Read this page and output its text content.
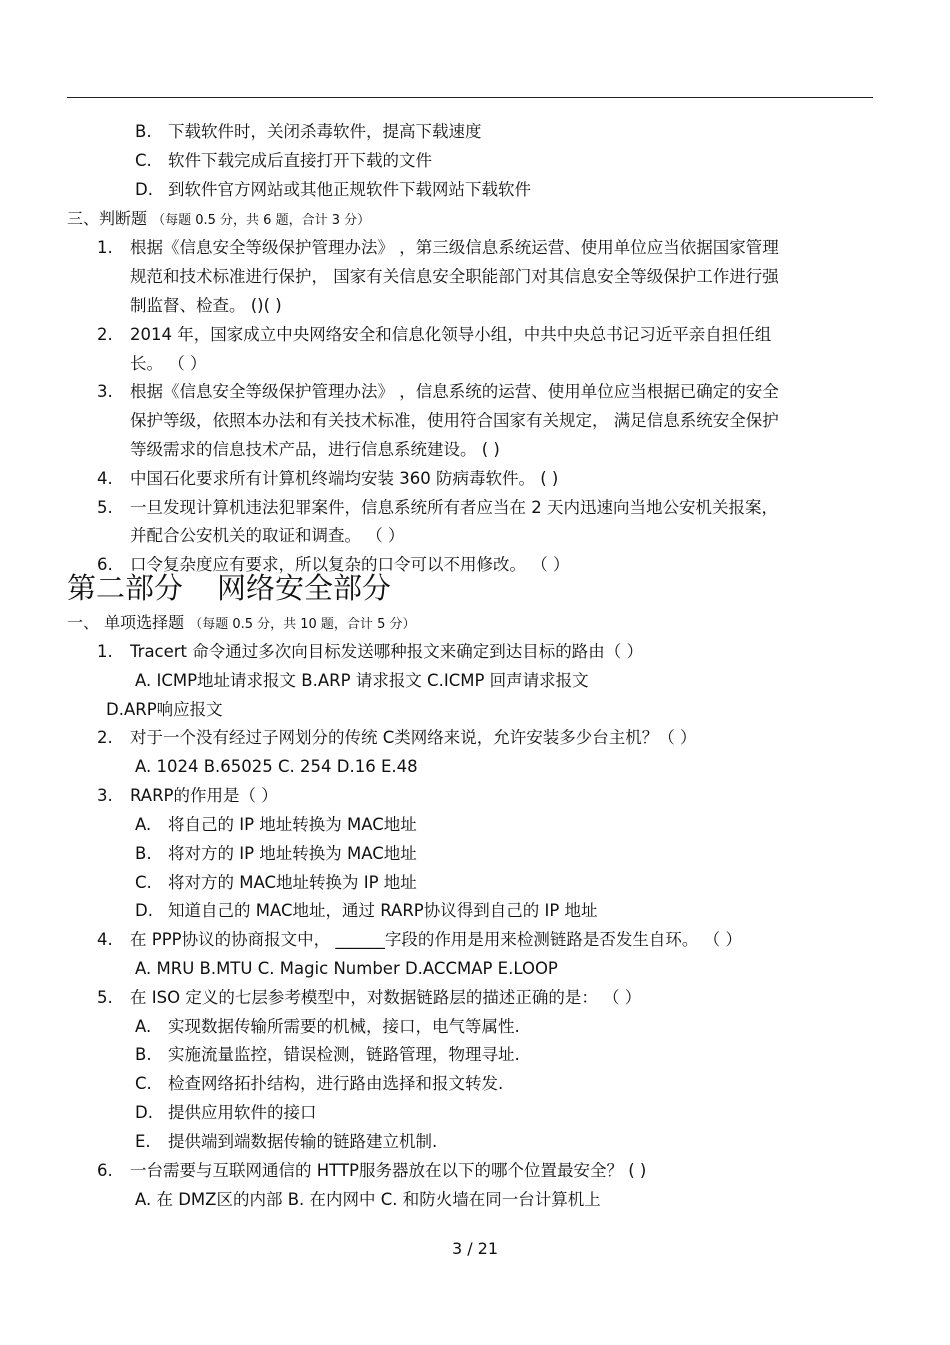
B. 下载软件时，关闭杀毒软件，提高下载速度
C. 软件下载完成后直接打开下载的文件
D. 到软件官方网站或其他正规软件下载网站下载软件
三、判断题 （每题 0.5 分，共 6 题，合计 3 分）
1. 根据《信息安全等级保护管理办法》 ，第三级信息系统运营、使用单位应当依据国家管理
规范和技术标准进行保护， 国家有关信息安全职能部门对其信息安全等级保护工作进行强
制监督、检查。 ()( )
2. 2014 年，国家成立中央网络安全和信息化领导小组，中共中央总书记习近平亲自担任组
长。 （ ）
3. 根据《信息安全等级保护管理办法》 ，信息系统的运营、使用单位应当根据已确定的安全
保护等级，依照本办法和有关技术标准，使用符合国家有关规定， 满足信息系统安全保护
等级需求的信息技术产品，进行信息系统建设。 ( )
4. 中国石化要求所有计算机终端均安装 360 防病毒软件。 ( )
5. 一旦发现计算机违法犯罪案件，信息系统所有者应当在 2 天内迅速向当地公安机关报案，
并配合公安机关的取证和调查。 （ ）
6. 口令复杂度应有要求，所以复杂的口令可以不用修改。 （ ）
第二部分 网络安全部分
一、 单项选择题 （每题 0.5 分，共 10 题，合计 5 分）
1. Tracert 命令通过多次向目标发送哪种报文来确定到达目标的路由（ ）
A. ICMP地址请求报文 B.ARP 请求报文 C.ICMP 回声请求报文
D.ARP响应报文
2. 对于一个没有经过子网划分的传统 C类网络来说，允许安装多少台主机？（ ）
A. 1024 B.65025 C. 254 D.16 E.48
3. RARP的作用是（ ）
A. 将自己的 IP 地址转换为 MAC地址
B. 将对方的 IP 地址转换为 MAC地址
C. 将对方的 MAC地址转换为 IP 地址
D. 知道自己的 MAC地址，通过 RARP协议得到自己的 IP 地址
4. 在 PPP协议的协商报文中， ______字段的作用是用来检测链路是否发生自环。 （ ）
A. MRU B.MTU C. Magic Number D.ACCMAP E.LOOP
5. 在 ISO 定义的七层参考模型中，对数据链路层的描述正确的是： （ ）
A. 实现数据传输所需要的机械，接口，电气等属性.
B. 实施流量监控，错误检测，链路管理，物理寻址.
C. 检查网络拓扑结构，进行路由选择和报文转发.
D. 提供应用软件的接口
E. 提供端到端数据传输的链路建立机制.
6. 一台需要与互联网通信的 HTTP服务器放在以下的哪个位置最安全？ ( )
A. 在 DMZ区的内部 B. 在内网中 C. 和防火墙在同一台计算机上
3 / 21
